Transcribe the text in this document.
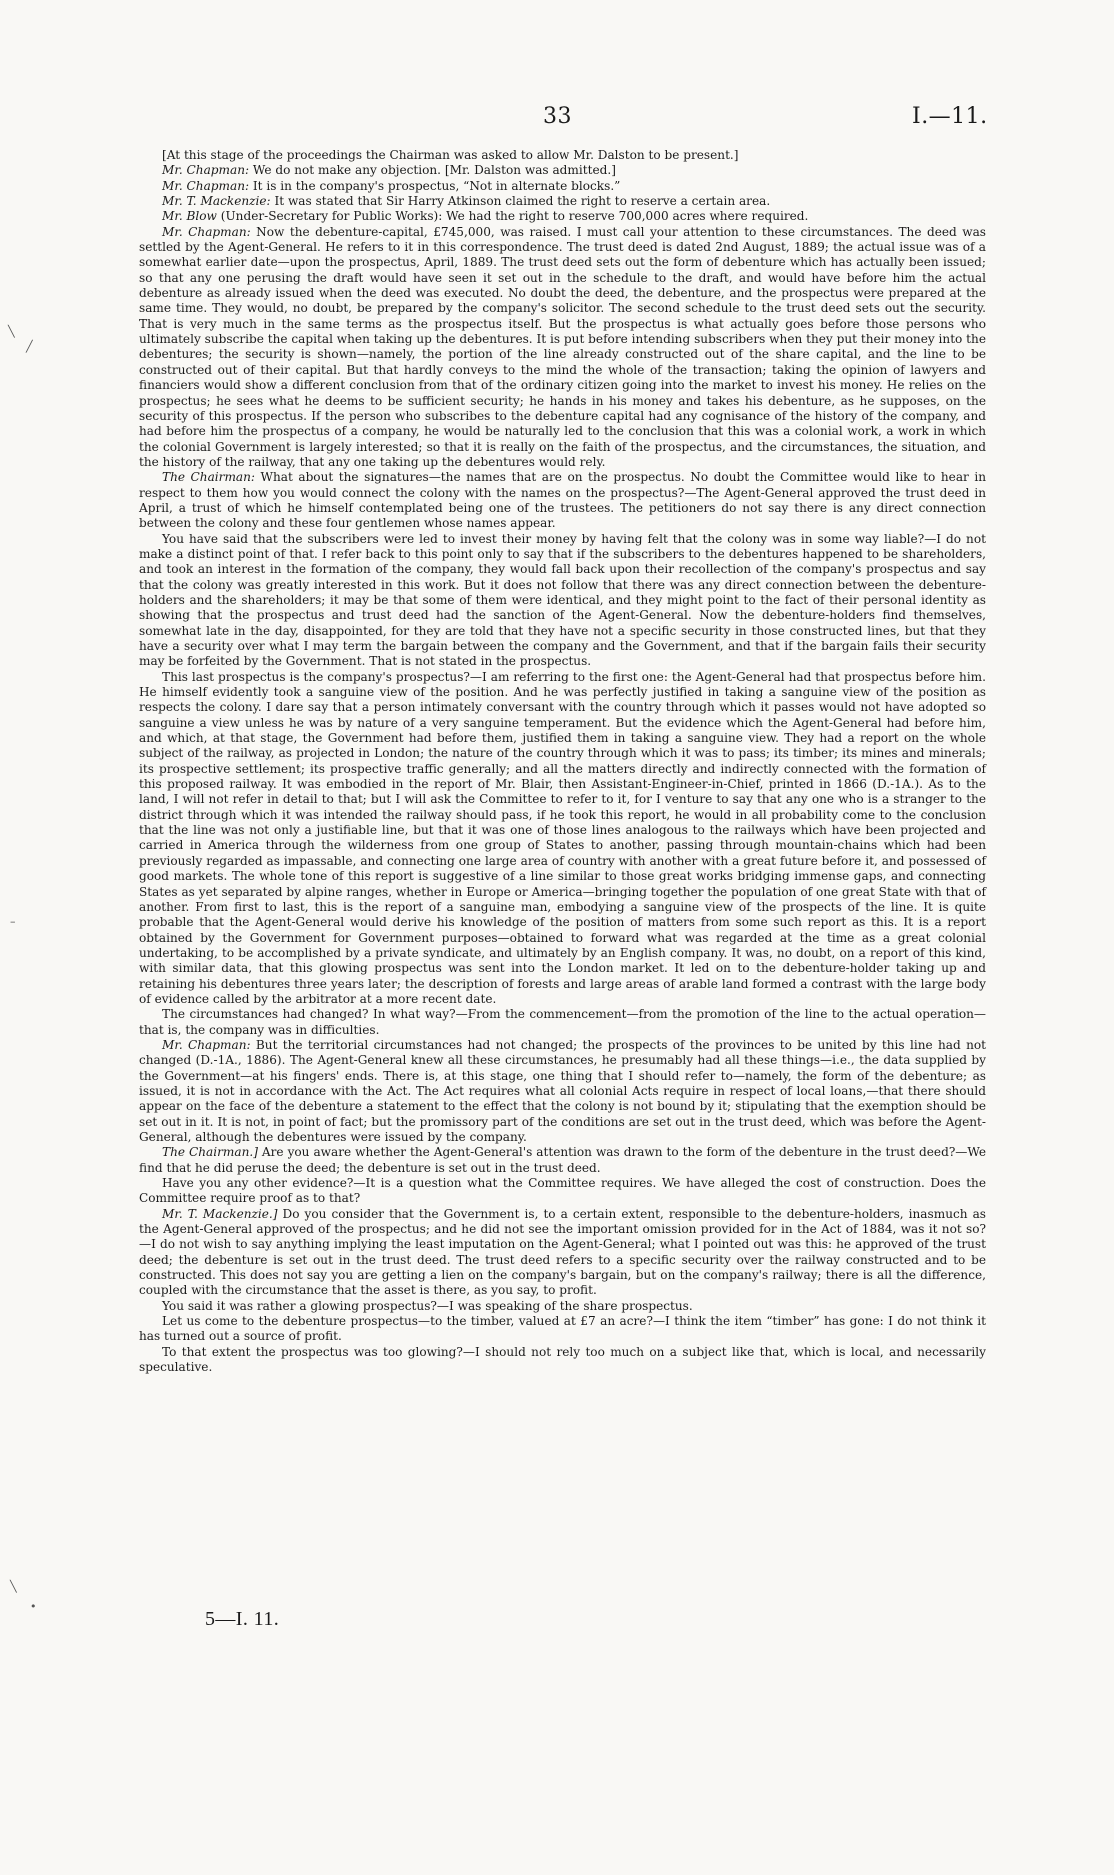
33	I.—11.

[At this stage of the proceedings the Chairman was asked to allow Mr. Dalston to be present.]

Mr. Chapman: We do not make any objection. [Mr. Dalston was admitted.]

Mr. Chapman: It is in the company's prospectus, “Not in alternate blocks.”

Mr. T. Mackenzie: It was stated that Sir Harry Atkinson claimed the right to reserve a certain area.

Mr. Blow (Under-Secretary for Public Works): We had the right to reserve 700,000 acres where required.

Mr. Chapman: Now the debenture-capital, £745,000, was raised. I must call your attention to these circumstances. The deed was settled by the Agent-General. He refers to it in this correspondence. The trust deed is dated 2nd August, 1889; the actual issue was of a somewhat earlier date—upon the prospectus, April, 1889. The trust deed sets out the form of debenture which has actually been issued; so that any one perusing the draft would have seen it set out in the schedule to the draft, and would have before him the actual debenture as already issued when the deed was executed. No doubt the deed, the debenture, and the prospectus were prepared at the same time. They would, no doubt, be prepared by the company's solicitor. The second schedule to the trust deed sets out the security. That is very much in the same terms as the prospectus itself. But the prospectus is what actually goes before those persons who ultimately subscribe the capital when taking up the debentures. It is put before intending subscribers when they put their money into the debentures; the security is shown—namely, the portion of the line already constructed out of the share capital, and the line to be constructed out of their capital. But that hardly conveys to the mind the whole of the transaction; taking the opinion of lawyers and financiers would show a different conclusion from that of the ordinary citizen going into the market to invest his money. He relies on the prospectus; he sees what he deems to be sufficient security; he hands in his money and takes his debenture, as he supposes, on the security of this prospectus. If the person who subscribes to the debenture capital had any cognisance of the history of the company, and had before him the prospectus of a company, he would be naturally led to the conclusion that this was a colonial work, a work in which the colonial Government is largely interested; so that it is really on the faith of the prospectus, and the circumstances, the situation, and the history of the railway, that any one taking up the debentures would rely.

The Chairman: What about the signatures—the names that are on the prospectus. No doubt the Committee would like to hear in respect to them how you would connect the colony with the names on the prospectus?—The Agent-General approved the trust deed in April, a trust of which he himself contemplated being one of the trustees. The petitioners do not say there is any direct connection between the colony and these four gentlemen whose names appear.

You have said that the subscribers were led to invest their money by having felt that the colony was in some way liable?—I do not make a distinct point of that. I refer back to this point only to say that if the subscribers to the debentures happened to be shareholders, and took an interest in the formation of the company, they would fall back upon their recollection of the company's prospectus and say that the colony was greatly interested in this work. But it does not follow that there was any direct connection between the debenture-holders and the shareholders; it may be that some of them were identical, and they might point to the fact of their personal identity as showing that the prospectus and trust deed had the sanction of the Agent-General. Now the debenture-holders find themselves, somewhat late in the day, disappointed, for they are told that they have not a specific security in those constructed lines, but that they have a security over what I may term the bargain between the company and the Government, and that if the bargain fails their security may be forfeited by the Government. That is not stated in the prospectus.

This last prospectus is the company's prospectus?—I am referring to the first one: the Agent-General had that prospectus before him. He himself evidently took a sanguine view of the position. And he was perfectly justified in taking a sanguine view of the position as respects the colony. I dare say that a person intimately conversant with the country through which it passes would not have adopted so sanguine a view unless he was by nature of a very sanguine temperament. But the evidence which the Agent-General had before him, and which, at that stage, the Government had before them, justified them in taking a sanguine view. They had a report on the whole subject of the railway, as projected in London; the nature of the country through which it was to pass; its timber; its mines and minerals; its prospective settlement; its prospective traffic generally; and all the matters directly and indirectly connected with the formation of this proposed railway. It was embodied in the report of Mr. Blair, then Assistant-Engineer-in-Chief, printed in 1866 (D.-1A.). As to the land, I will not refer in detail to that; but I will ask the Committee to refer to it, for I venture to say that any one who is a stranger to the district through which it was intended the railway should pass, if he took this report, he would in all probability come to the conclusion that the line was not only a justifiable line, but that it was one of those lines analogous to the railways which have been projected and carried in America through the wilderness from one group of States to another, passing through mountain-chains which had been previously regarded as impassable, and connecting one large area of country with another with a great future before it, and possessed of good markets. The whole tone of this report is suggestive of a line similar to those great works bridging immense gaps, and connecting States as yet separated by alpine ranges, whether in Europe or America—bringing together the population of one great State with that of another. From first to last, this is the report of a sanguine man, embodying a sanguine view of the prospects of the line. It is quite probable that the Agent-General would derive his knowledge of the position of matters from some such report as this. It is a report obtained by the Government for Government purposes—obtained to forward what was regarded at the time as a great colonial undertaking, to be accomplished by a private syndicate, and ultimately by an English company. It was, no doubt, on a report of this kind, with similar data, that this glowing prospectus was sent into the London market. It led on to the debenture-holder taking up and retaining his debentures three years later; the description of forests and large areas of arable land formed a contrast with the large body of evidence called by the arbitrator at a more recent date.

The circumstances had changed? In what way?—From the commencement—from the promotion of the line to the actual operation—that is, the company was in difficulties.

Mr. Chapman: But the territorial circumstances had not changed; the prospects of the provinces to be united by this line had not changed (D.-1A., 1886). The Agent-General knew all these circumstances, he presumably had all these things—i.e., the data supplied by the Government—at his fingers' ends. There is, at this stage, one thing that I should refer to—namely, the form of the debenture; as issued, it is not in accordance with the Act. The Act requires what all colonial Acts require in respect of local loans,—that there should appear on the face of the debenture a statement to the effect that the colony is not bound by it; stipulating that the exemption should be set out in it. It is not, in point of fact; but the promissory part of the conditions are set out in the trust deed, which was before the Agent-General, although the debentures were issued by the company.

The Chairman.] Are you aware whether the Agent-General's attention was drawn to the form of the debenture in the trust deed?—We find that he did peruse the deed; the debenture is set out in the trust deed.

Have you any other evidence?—It is a question what the Committee requires. We have alleged the cost of construction. Does the Committee require proof as to that?

Mr. T. Mackenzie.] Do you consider that the Government is, to a certain extent, responsible to the debenture-holders, inasmuch as the Agent-General approved of the prospectus; and he did not see the important omission provided for in the Act of 1884, was it not so?—I do not wish to say anything implying the least imputation on the Agent-General; what I pointed out was this: he approved of the trust deed; the debenture is set out in the trust deed. The trust deed refers to a specific security over the railway constructed and to be constructed. This does not say you are getting a lien on the company's bargain, but on the company's railway; there is all the difference, coupled with the circumstance that the asset is there, as you say, to profit.

You said it was rather a glowing prospectus?—I was speaking of the share prospectus.

Let us come to the debenture prospectus—to the timber, valued at £7 an acre?—I think the item “timber” has gone: I do not think it has turned out a source of profit.

To that extent the prospectus was too glowing?—I should not rely too much on a subject like that, which is local, and necessarily speculative.

5—I. 11.
╲
╱
–
╲
•
